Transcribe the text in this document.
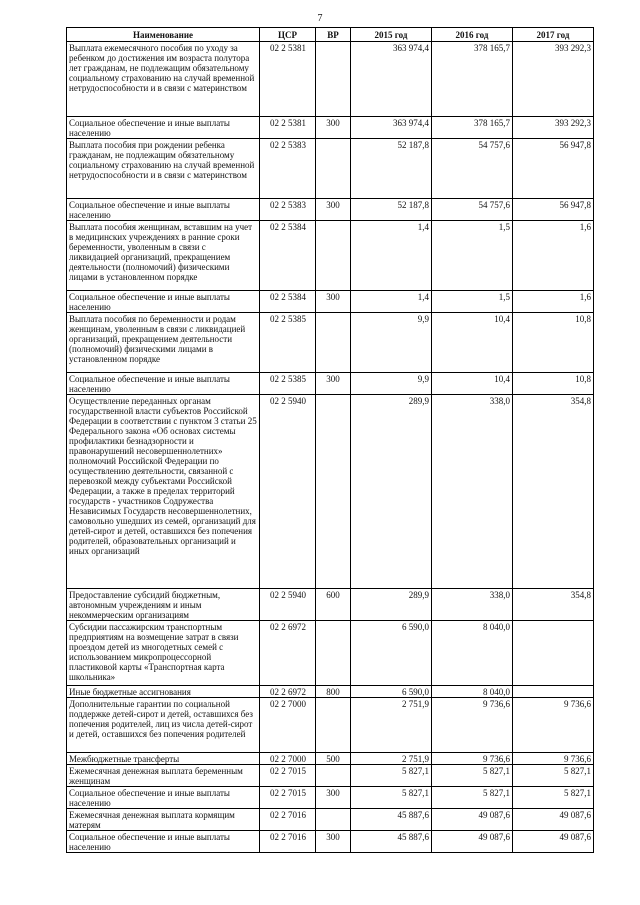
7
Наименование	ЦСР	ВР	2015 год	2016 год	2017 год
Выплата ежемесячного пособия по уходу за ребенком до достижения им возраста полутора лет гражданам, не подлежащим обязательному социальному страхованию на случай временной нетрудоспособности и в связи с материнством	02 2 5381		363 974,4	378 165,7	393 292,3
Социальное обеспечение и иные выплаты населению	02 2 5381	300	363 974,4	378 165,7	393 292,3
Выплата пособия при рождении ребенка гражданам, не подлежащим обязательному социальному страхованию на случай временной нетрудоспособности и в связи с материнством	02 2 5383		52 187,8	54 757,6	56 947,8
Социальное обеспечение и иные выплаты населению	02 2 5383	300	52 187,8	54 757,6	56 947,8
Выплата пособия женщинам, вставшим на учет в медицинских учреждениях в ранние сроки беременности, уволенным в связи с ликвидацией организаций, прекращением деятельности (полномочий) физическими лицами в установленном порядке	02 2 5384		1,4	1,5	1,6
Социальное обеспечение и иные выплаты населению	02 2 5384	300	1,4	1,5	1,6
Выплата пособия по беременности и родам женщинам, уволенным в связи с ликвидацией организаций, прекращением деятельности (полномочий) физическими лицами в установленном порядке	02 2 5385		9,9	10,4	10,8
Социальное обеспечение и иные выплаты населению	02 2 5385	300	9,9	10,4	10,8
Осуществление переданных органам государственной власти субъектов Российской Федерации в соответствии с пунктом 3 статьи 25 Федерального закона «Об основах системы профилактики безнадзорности и правонарушений несовершеннолетних» полномочий Российской Федерации по осуществлению деятельности, связанной с перевозкой между субъектами Российской Федерации, а также в пределах территорий государств - участников Содружества Независимых Государств несовершеннолетних, самовольно ушедших из семей, организаций для детей-сирот и детей, оставшихся без попечения родителей, образовательных организаций и иных организаций	02 2 5940		289,9	338,0	354,8
Предоставление субсидий бюджетным, автономным учреждениям и иным некоммерческим организациям	02 2 5940	600	289,9	338,0	354,8
Субсидии пассажирским транспортным предприятиям на возмещение затрат в связи проездом детей из многодетных семей с использованием микропроцессорной пластиковой карты «Транспортная карта школьника»	02 2 6972		6 590,0	8 040,0	
Иные бюджетные ассигнования	02 2 6972	800	6 590,0	8 040,0	
Дополнительные гарантии по социальной поддержке детей-сирот и детей, оставшихся без попечения родителей, лиц из числа детей-сирот и детей, оставшихся без попечения родителей	02 2 7000		2 751,9	9 736,6	9 736,6
Межбюджетные трансферты	02 2 7000	500	2 751,9	9 736,6	9 736,6
Ежемесячная денежная выплата беременным женщинам	02 2 7015		5 827,1	5 827,1	5 827,1
Социальное обеспечение и иные выплаты населению	02 2 7015	300	5 827,1	5 827,1	5 827,1
Ежемесячная денежная выплата кормящим матерям	02 2 7016		45 887,6	49 087,6	49 087,6
Социальное обеспечение и иные выплаты населению	02 2 7016	300	45 887,6	49 087,6	49 087,6
